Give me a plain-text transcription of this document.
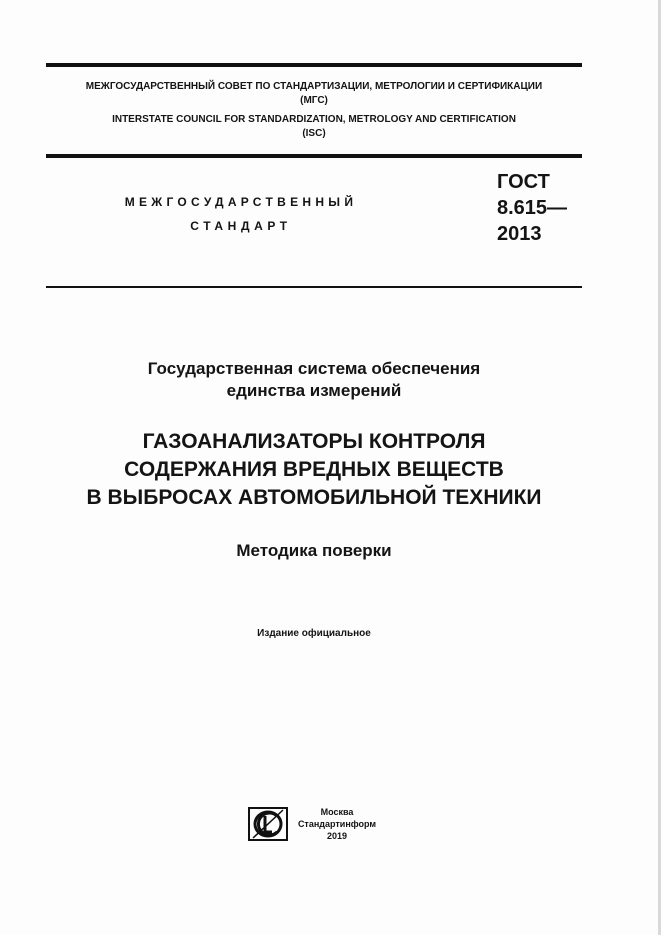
МЕЖГОСУДАРСТВЕННЫЙ СОВЕТ ПО СТАНДАРТИЗАЦИИ, МЕТРОЛОГИИ И СЕРТИФИКАЦИИ
(МГС)
INTERSTATE COUNCIL FOR STANDARDIZATION, METROLOGY AND CERTIFICATION
(ISC)
МЕЖГОСУДАРСТВЕННЫЙ
СТАНДАРТ
ГОСТ
8.615—
2013
Государственная система обеспечения
единства измерений
ГАЗОАНАЛИЗАТОРЫ КОНТРОЛЯ
СОДЕРЖАНИЯ ВРЕДНЫХ ВЕЩЕСТВ
В ВЫБРОСАХ АВТОМОБИЛЬНОЙ ТЕХНИКИ
Методика поверки
Издание официальное
Москва
Стандартинформ
2019
